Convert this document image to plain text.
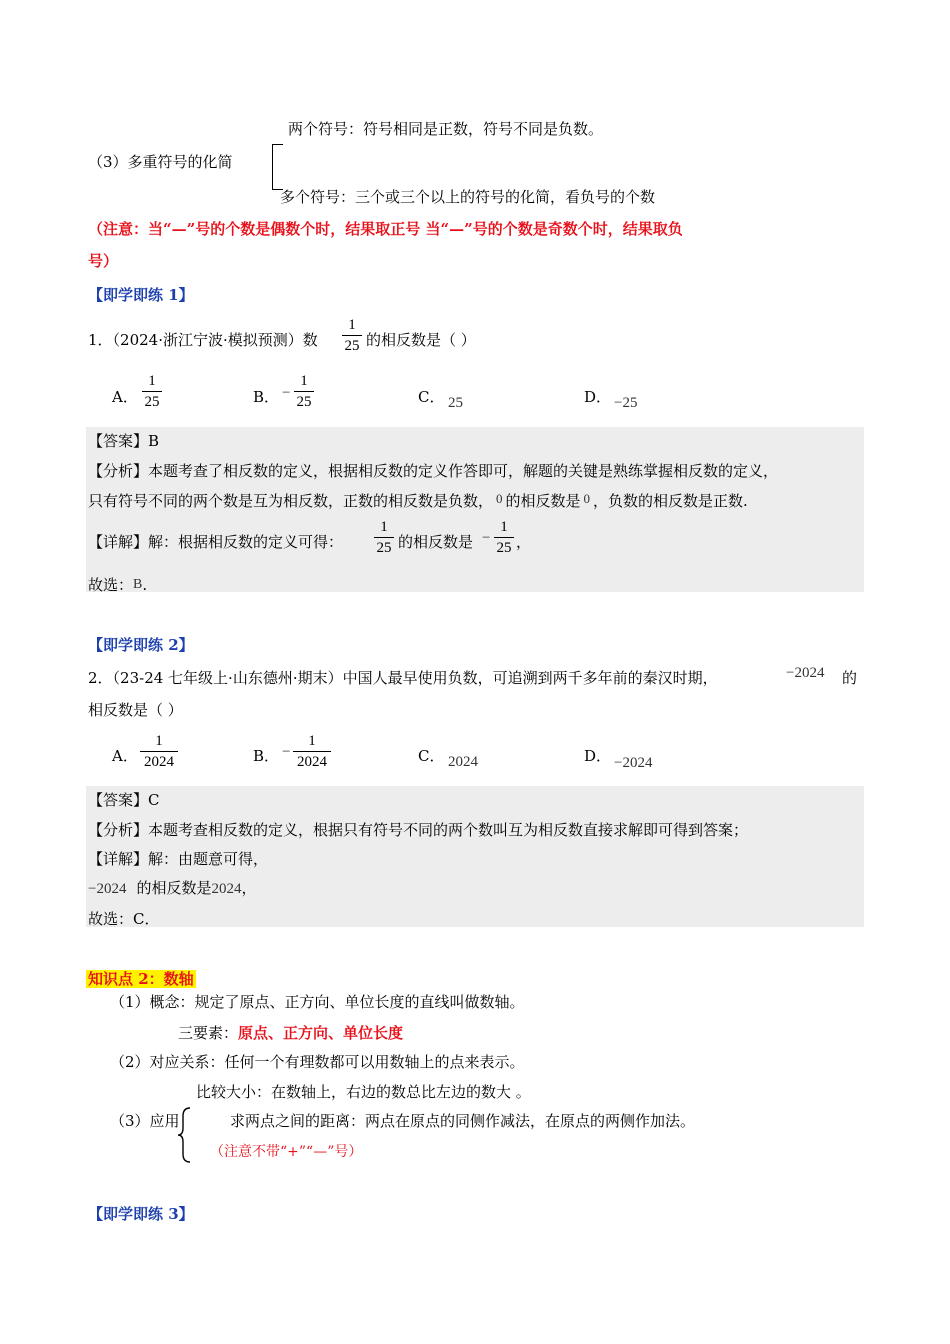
两个符号：符号相同是正数，符号不同是负数。
（3）多重符号的化简
多个符号：三个或三个以上的符号的化简，看负号的个数
（注意：当“—”号的个数是偶数个时，结果取正号 当“—”号的个数是奇数个时，结果取负
号）
【即学即练 1】
1．（2024·浙江宁波·模拟预测）数
1
25 的相反数是（ ）
A．
1
25	B． −
1
25	C． 25	D． −25
【答案】B
【分析】本题考查了相反数的定义，根据相反数的定义作答即可，解题的关键是熟练掌握相反数的定义，
只有符号不同的两个数是互为相反数，正数的相反数是负数， 0 的相反数是 0 ，负数的相反数是正数.
【详解】解：根据相反数的定义可得：
1
25 的相反数是 −
1
25 ，
故选：B.
【即学即练 2】
2．（23-24 七年级上·山东德州·期末）中国人最早使用负数，可追溯到两千多年前的秦汉时期，	−2024 的
相反数是（ ）
A．
1
2024	B． −
1
2024	C． 2024	D． −2024
【答案】C
【分析】本题考查相反数的定义，根据只有符号不同的两个数叫互为相反数直接求解即可得到答案；
【详解】解：由题意可得，
−2024 的相反数是2024，
故选：C．
知识点 2：数轴
（1）概念：规定了原点、正方向、单位长度的直线叫做数轴。
三要素：原点、正方向、单位长度
（2）对应关系：任何一个有理数都可以用数轴上的点来表示。
比较大小：在数轴上，右边的数总比左边的数大 。
（3）应用	求两点之间的距离：两点在原点的同侧作减法，在原点的两侧作加法。
（注意不带“+”“—”号）
【即学即练 3】
